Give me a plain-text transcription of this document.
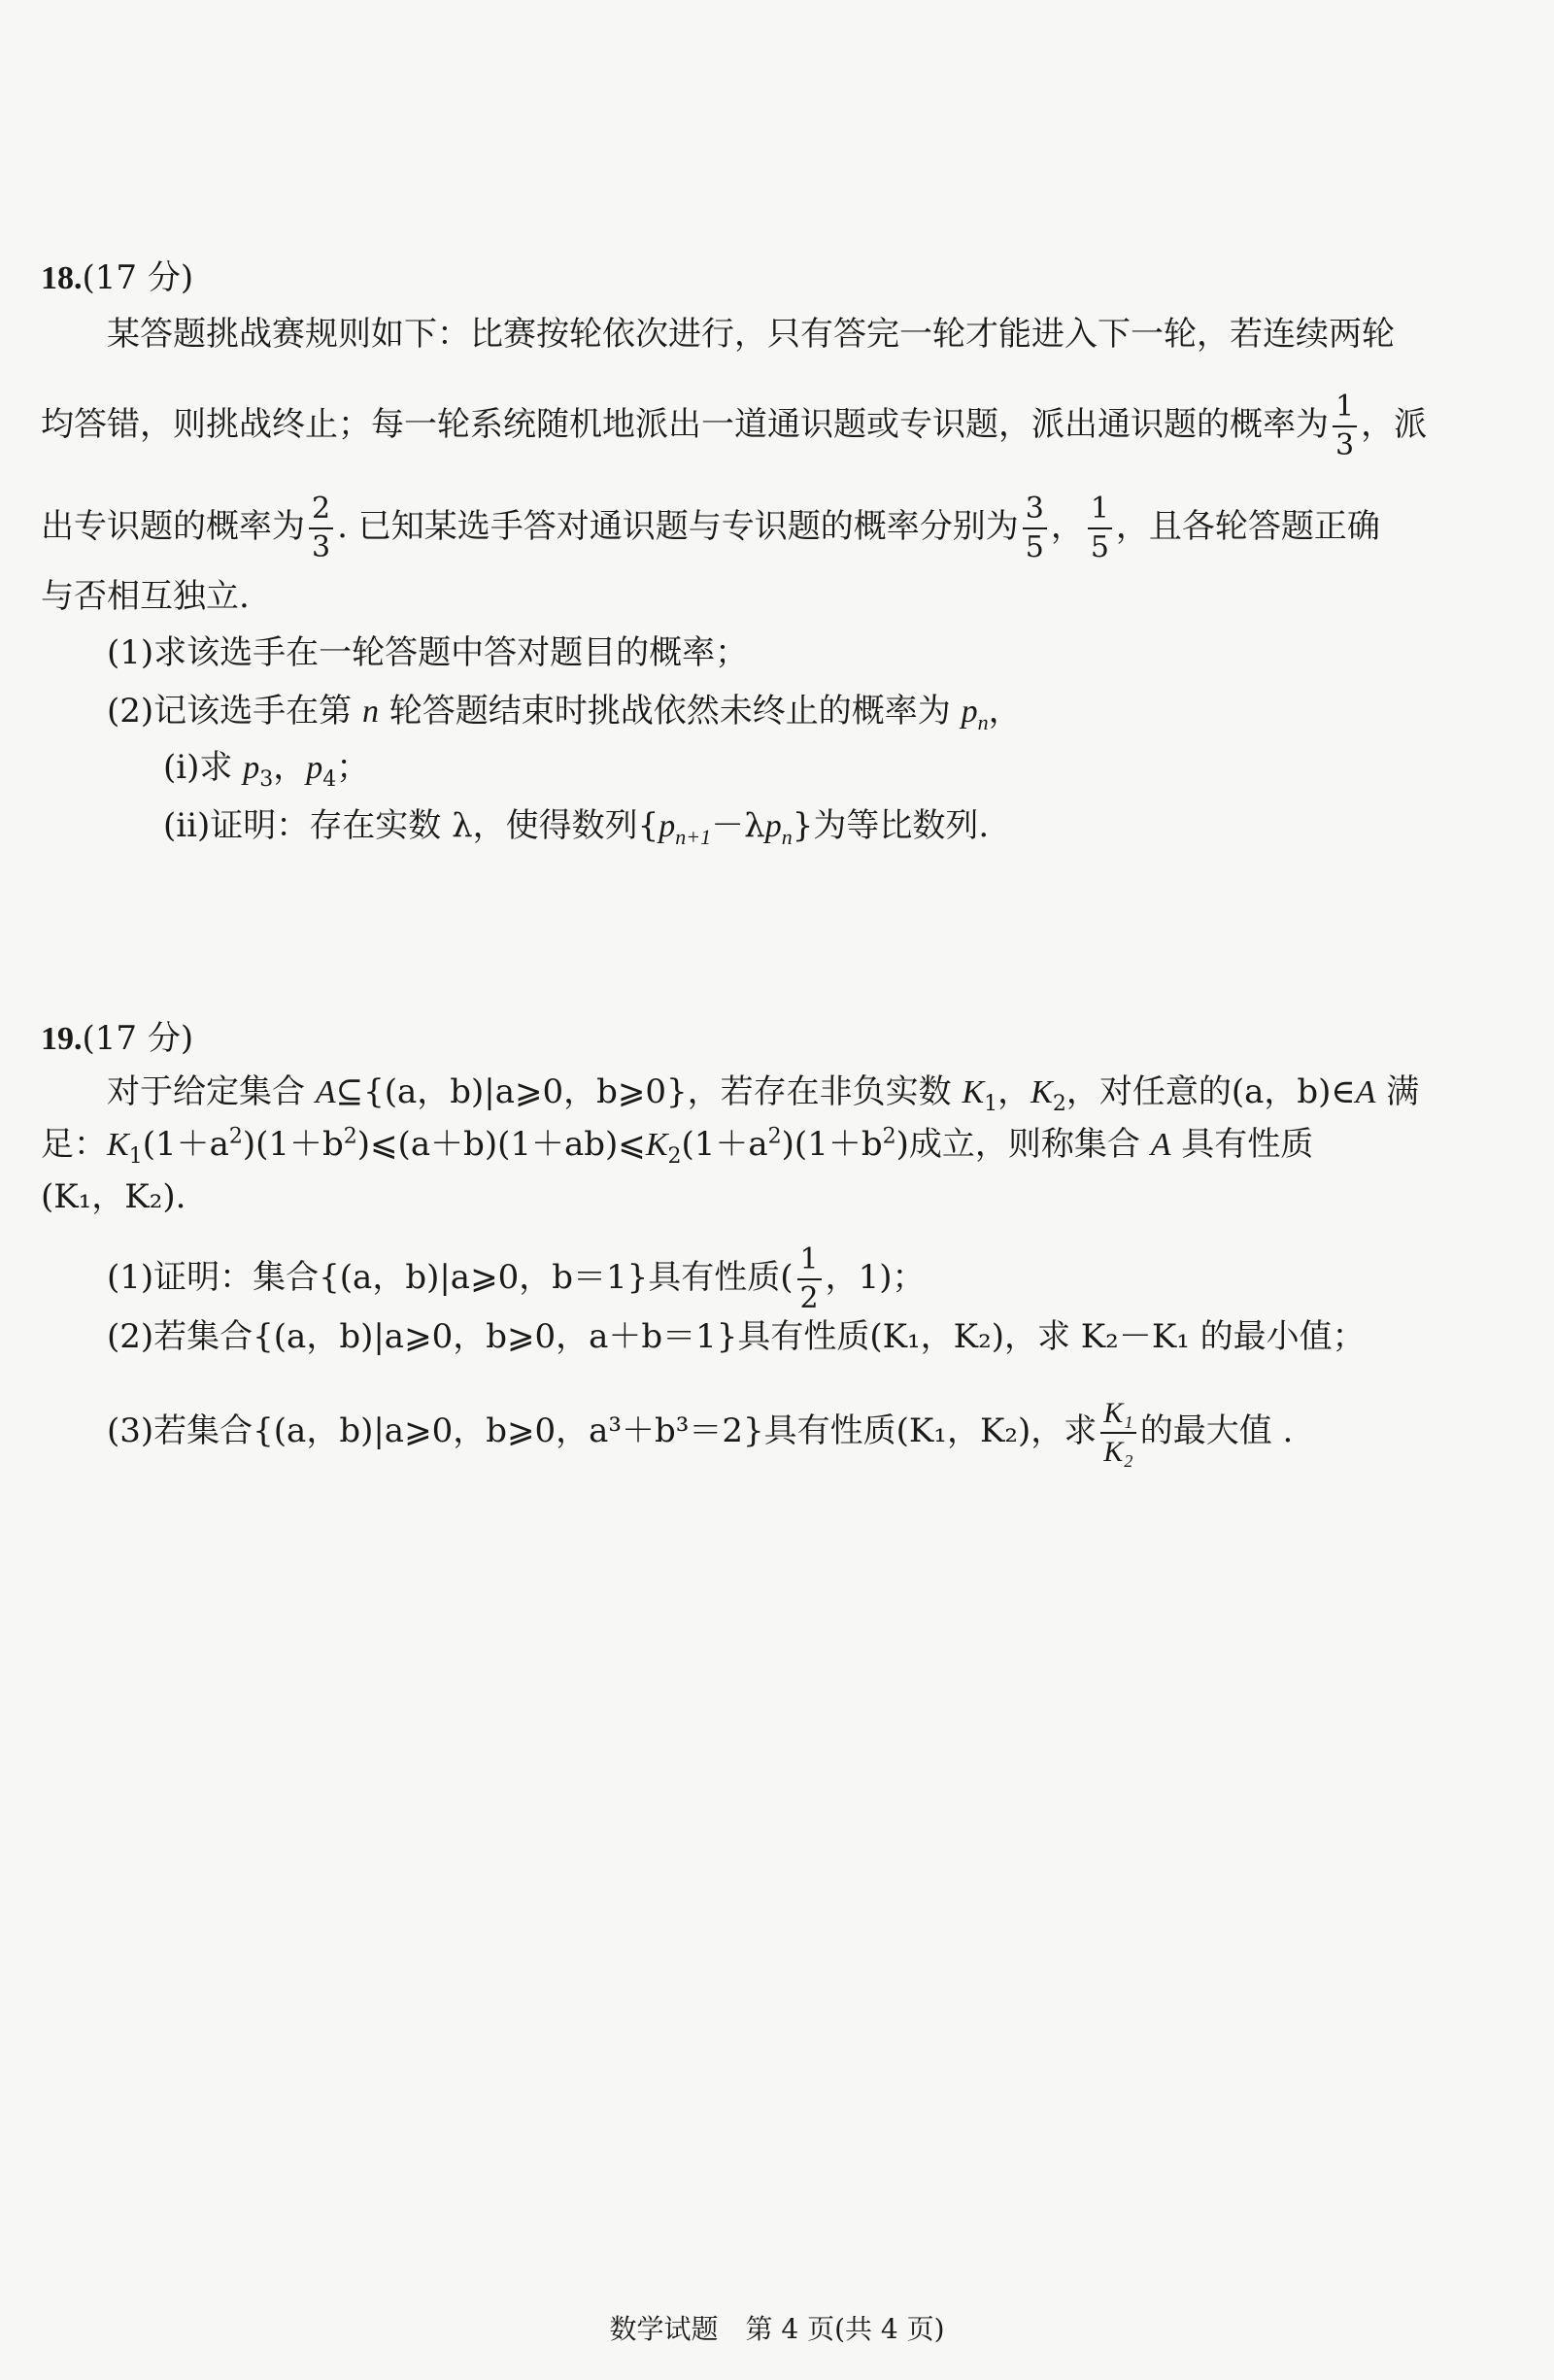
18.(17 分)
某答题挑战赛规则如下：比赛按轮依次进行，只有答完一轮才能进入下一轮，若连续两轮
均答错，则挑战终止；每一轮系统随机地派出一道通识题或专识题，派出通识题的概率为 $\frac{1}{3}$ ，派
出专识题的概率为 $\frac{2}{3}$ . 已知某选手答对通识题与专识题的概率分别为 $\frac{3}{5}$ ， $\frac{1}{5}$ ，且各轮答题正确
与否相互独立.
(1)求该选手在一轮答题中答对题目的概率；
(2)记该选手在第 n 轮答题结束时挑战依然未终止的概率为 $p_n$，
(i)求 $p_3$，$p_4$；
(ii)证明：存在实数 λ，使得数列$\{p_{n+1}-\lambda p_n\}$为等比数列.
19.(17 分)
对于给定集合 A⊆{(a，b)|a⩾0，b⩾0}，若存在非负实数 $K_1$，$K_2$，对任意的(a，b)∈A 满
足：$K_1(1+a^2)(1+b^2)⩽(a+b)(1+ab)⩽K_2(1+a^2)(1+b^2)$成立，则称集合 A 具有性质
(K₁，K₂).
(1)证明：集合{(a，b)|a⩾0，b＝1}具有性质( $\frac{1}{2}$ ，1)；
(2)若集合{(a，b)|a⩾0，b⩾0，a＋b＝1}具有性质(K₁，K₂)，求 K₂－K₁ 的最小值；
(3)若集合{(a，b)|a⩾0，b⩾0，a³＋b³＝2}具有性质(K₁，K₂)，求 $\frac{\text{K₁}}{\text{K₂}}$ 的最大值 .
数学试题　第 4 页(共 4 页)
